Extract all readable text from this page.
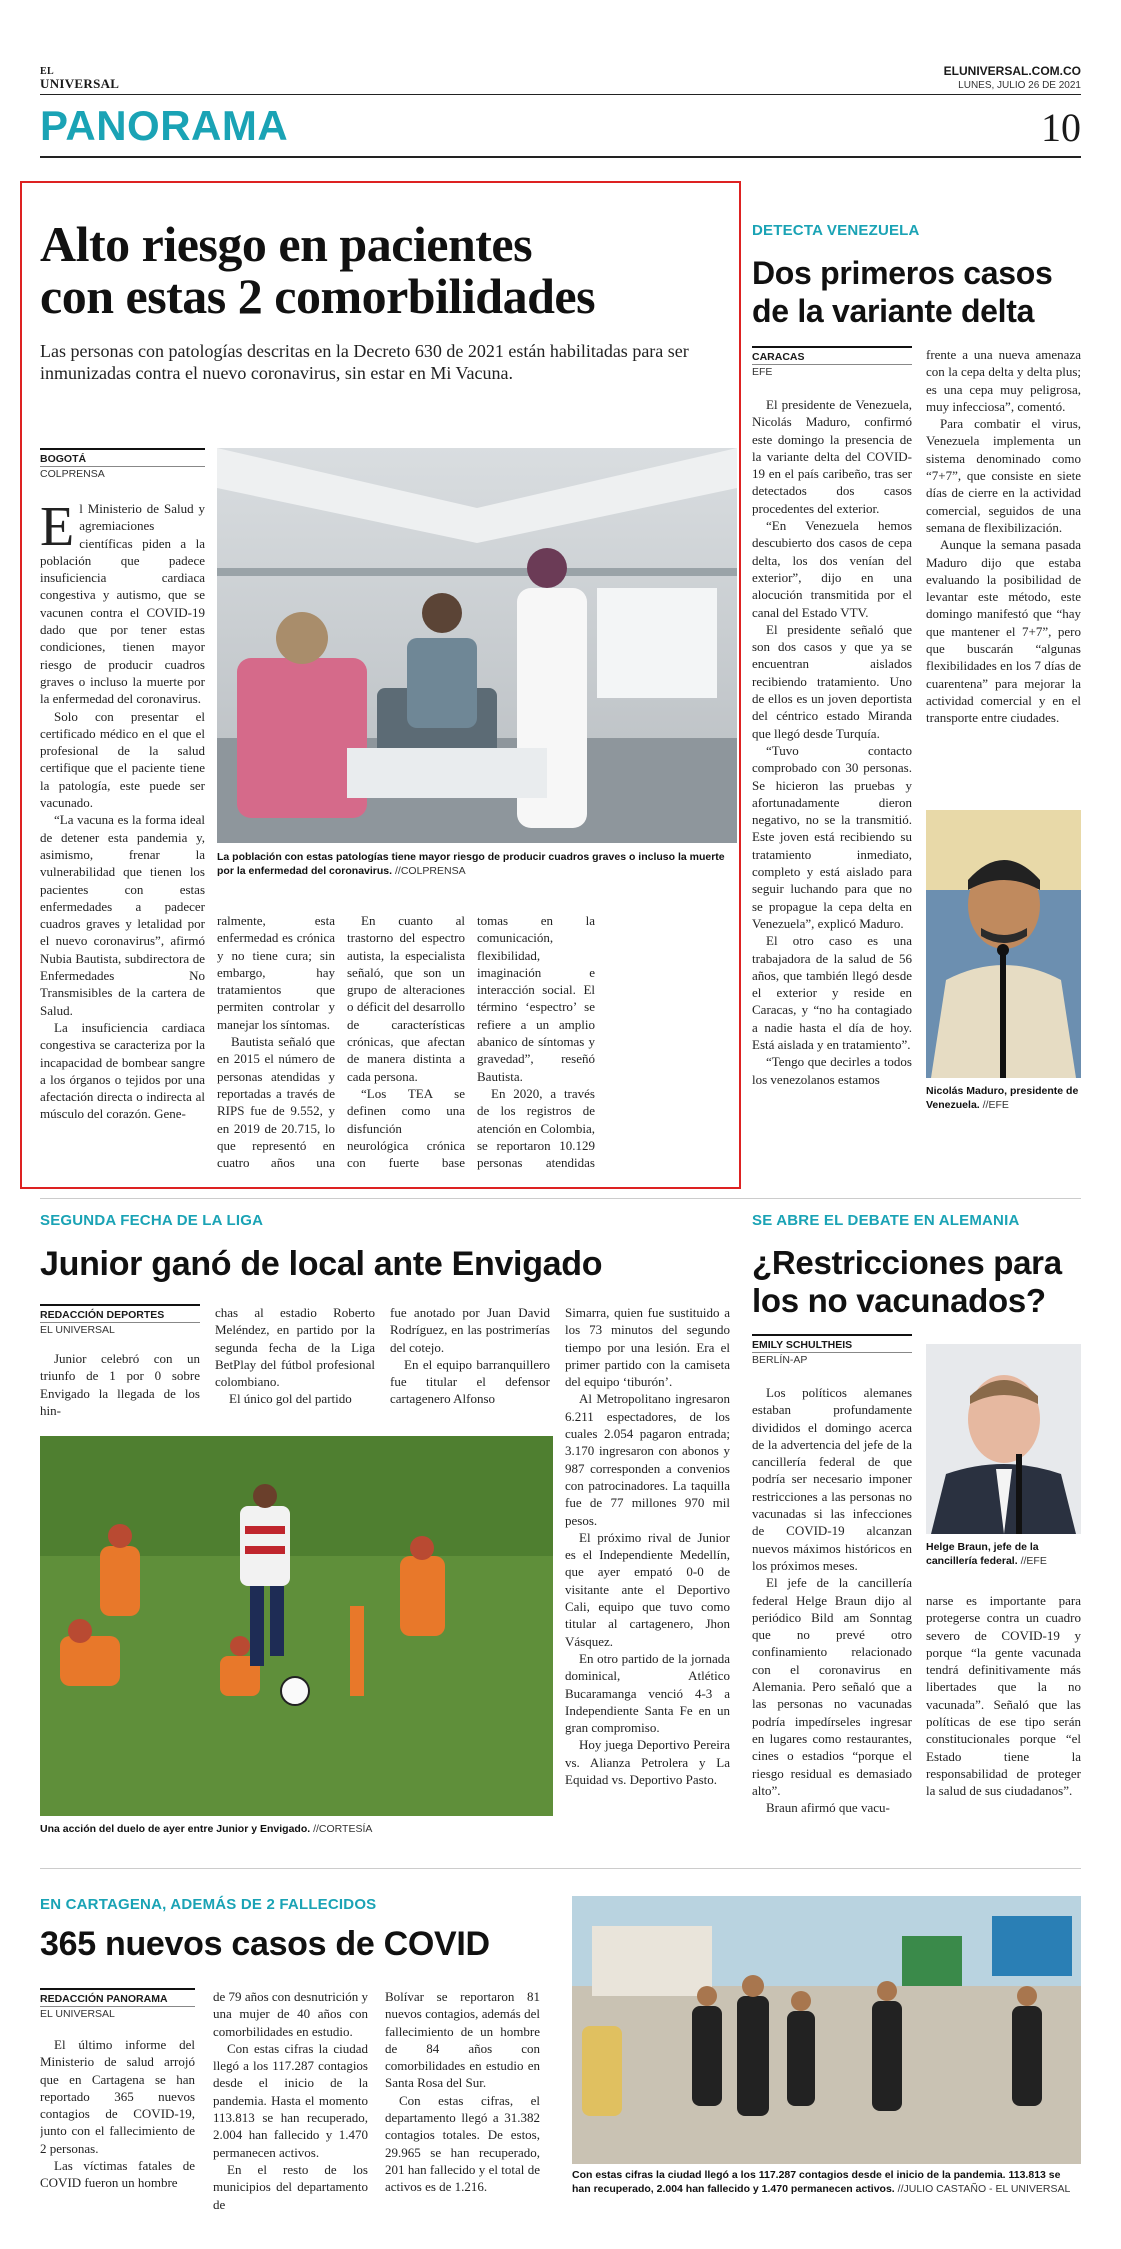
EL
UNIVERSAL
ELUNIVERSAL.COM.CO
LUNES, JULIO 26 DE 2021
PANORAMA	10
Alto riesgo en pacientes
con estas 2 comorbilidades
Las personas con patologías descritas en la Decreto 630 de 2021 están habilitadas para ser inmunizadas contra el nuevo coronavirus, sin estar en Mi Vacuna.
BOGOTÁ
COLPRENSA
E l Ministerio de Salud y agremiaciones científicas piden a la población que padece insuficiencia cardiaca congestiva y autismo, que se vacunen contra el COVID-19 dado que por tener estas condiciones, tienen mayor riesgo de producir cuadros graves o incluso la muerte por la enfermedad del coronavirus.

Solo con presentar el certificado médico en el que el profesional de la salud certifique que el paciente tiene la patología, este puede ser vacunado.

“La vacuna es la forma ideal de detener esta pandemia y, asimismo, frenar la vulnerabilidad que tienen los pacientes con estas enfermedades a padecer cuadros graves y letalidad por el nuevo coronavirus”, afirmó Nubia Bautista, subdirectora de Enfermedades No Transmisibles de la cartera de Salud.

La insuficiencia cardiaca congestiva se caracteriza por la incapacidad de bombear sangre a los órganos o tejidos por una afectación directa o indirecta al músculo del corazón. Gene-

La población con estas patologías tiene mayor riesgo de producir cuadros graves o incluso la muerte por la enfermedad del coronavirus. //COLPRENSA

ralmente, esta enfermedad es crónica y no tiene cura; sin embargo, hay tratamientos que permiten controlar y manejar los síntomas.

Bautista señaló que en 2015 el número de personas atendidas y reportadas a través de RIPS fue de 9.552, y en 2019 de 20.715, lo que representó en cuatro años una

En cuanto al trastorno del espectro autista, la especialista señaló, que son un grupo de alteraciones o déficit del desarrollo de características crónicas, que afectan de manera distinta a cada persona.

“Los TEA se definen como una disfunción neurológica crónica con fuerte base

tomas en la comunicación, flexibilidad, imaginación e interacción social. El término ‘espectro’ se refiere a un amplio abanico de síntomas y gravedad”, reseñó Bautista.

En 2020, a través de los registros de atención en Colombia, se reportaron 10.129 personas atendidas

DETECTA VENEZUELA
Dos primeros casos
de la variante delta
CARACAS
EFE

El presidente de Venezuela, Nicolás Maduro, confirmó este domingo la presencia de la variante delta del COVID-19 en el país caribeño, tras ser detectados dos casos procedentes del exterior.

“En Venezuela hemos descubierto dos casos de cepa delta, los dos venían del exterior”, dijo en una alocución transmitida por el canal del Estado VTV.

El presidente señaló que son dos casos y que ya se encuentran aislados recibiendo tratamiento. Uno de ellos es un joven deportista del céntrico estado Miranda que llegó desde Turquía.

“Tuvo contacto comprobado con 30 personas. Se hicieron las pruebas y afortunadamente dieron negativo, no se la transmitió. Este joven está recibiendo su tratamiento inmediato, completo y está aislado para seguir luchando para que no se propague la cepa delta en Venezuela”, explicó Maduro.

El otro caso es una trabajadora de la salud de 56 años, que también llegó desde el exterior y reside en Caracas, y “no ha contagiado a nadie hasta el día de hoy. Está aislada y en tratamiento”.

“Tengo que decirles a todos los venezolanos estamos

frente a una nueva amenaza con la cepa delta y delta plus; es una cepa muy peligrosa, muy infecciosa”, comentó.

Para combatir el virus, Venezuela implementa un sistema denominado como “7+7”, que consiste en siete días de cierre en la actividad comercial, seguidos de una semana de flexibilización.

Aunque la semana pasada Maduro dijo que estaba evaluando la posibilidad de levantar este método, este domingo manifestó que “hay que mantener el 7+7”, pero que buscarán “algunas flexibilidades en los 7 días de cuarentena” para mejorar la actividad comercial y en el transporte entre ciudades.

Nicolás Maduro, presidente de Venezuela. //EFE
SEGUNDA FECHA DE LA LIGA
Junior ganó de local ante Envigado
REDACCIÓN DEPORTES
EL UNIVERSAL

Junior celebró con un triunfo de 1 por 0 sobre Envigado la llegada de los hin-

chas al estadio Roberto Meléndez, en partido por la segunda fecha de la Liga BetPlay del fútbol profesional colombiano.

El único gol del partido

fue anotado por Juan David Rodríguez, en las postrimerías del cotejo.

En el equipo barranquillero fue titular el defensor cartagenero Alfonso

Simarra, quien fue sustituido a los 73 minutos del segundo tiempo por una lesión. Era el primer partido con la camiseta del equipo ‘tiburón’.

Al Metropolitano ingresaron 6.211 espectadores, de los cuales 2.054 pagaron entrada; 3.170 ingresaron con abonos y 987 corresponden a convenios con patrocinadores. La taquilla fue de 77 millones 970 mil pesos.

El próximo rival de Junior es el Independiente Medellín, que ayer empató 0-0 de visitante ante el Deportivo Cali, equipo que tuvo como titular al cartagenero, Jhon Vásquez.

En otro partido de la jornada dominical, Atlético Bucaramanga venció 4-3 a Independiente Santa Fe en un gran compromiso.

Hoy juega Deportivo Pereira vs. Alianza Petrolera y La Equidad vs. Deportivo Pasto.

Una acción del duelo de ayer entre Junior y Envigado. //CORTESÍA
SE ABRE EL DEBATE EN ALEMANIA
¿Restricciones para
los no vacunados?
EMILY SCHULTHEIS
BERLÍN-AP

Los políticos alemanes estaban profundamente divididos el domingo acerca de la advertencia del jefe de la cancillería federal de que podría ser necesario imponer restricciones a las personas no vacunadas si las infecciones de COVID-19 alcanzan nuevos máximos históricos en los próximos meses.

El jefe de la cancillería federal Helge Braun dijo al periódico Bild am Sonntag que no prevé otro confinamiento relacionado con el coronavirus en Alemania. Pero señaló que a las personas no vacunadas podría impedírseles ingresar en lugares como restaurantes, cines o estadios “porque el riesgo residual es demasiado alto”.

Braun afirmó que vacu-

Helge Braun, jefe de la cancillería federal. //EFE

narse es importante para protegerse contra un cuadro severo de COVID-19 y porque “la gente vacunada tendrá definitivamente más libertades que la no vacunada”. Señaló que las políticas de ese tipo serán constitucionales porque “el Estado tiene la responsabilidad de proteger la salud de sus ciudadanos”.

EN CARTAGENA, ADEMÁS DE 2 FALLECIDOS
365 nuevos casos de COVID
REDACCIÓN PANORAMA
EL UNIVERSAL

El último informe del Ministerio de salud arrojó que en Cartagena se han reportado 365 nuevos contagios de COVID-19, junto con el fallecimiento de 2 personas.

Las víctimas fatales de COVID fueron un hombre

de 79 años con desnutrición y una mujer de 40 años con comorbilidades en estudio.

Con estas cifras la ciudad llegó a los 117.287 contagios desde el inicio de la pandemia. Hasta el momento 113.813 se han recuperado, 2.004 han fallecido y 1.470 permanecen activos.

En el resto de los municipios del departamento de

Bolívar se reportaron 81 nuevos contagios, además del fallecimiento de un hombre de 84 años con comorbilidades en estudio en Santa Rosa del Sur.

Con estas cifras, el departamento llegó a 31.382 contagios totales. De estos, 29.965 se han recuperado, 201 han fallecido y el total de activos es de 1.216.

Con estas cifras la ciudad llegó a los 117.287 contagios desde el inicio de la pandemia. 113.813 se han recuperado, 2.004 han fallecido y 1.470 permanecen activos. //JULIO CASTAÑO - EL UNIVERSAL
